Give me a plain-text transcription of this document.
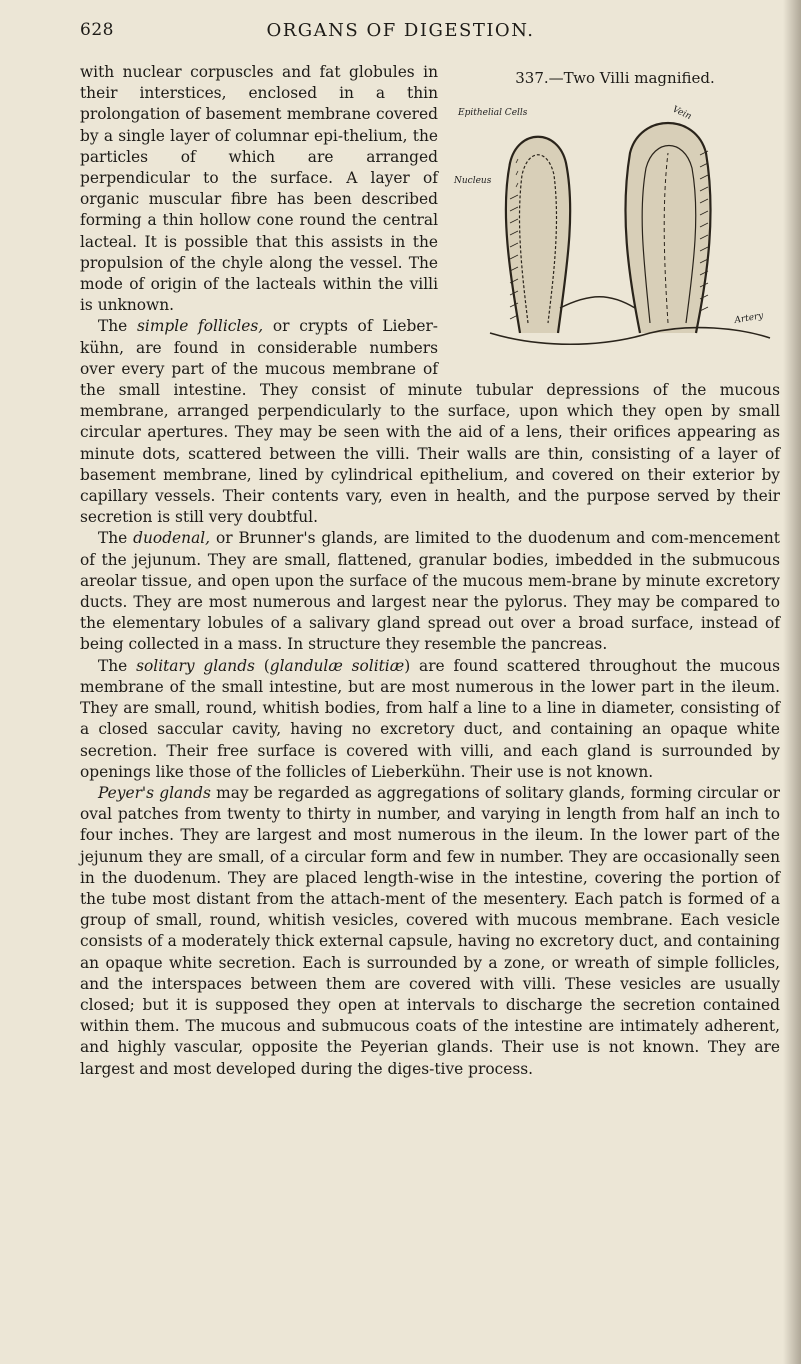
628	ORGANS OF DIGESTION.

337.—Two Villi magnified.
Epithelial Cells
Nucleus
Artery
Vein
with nuclear corpuscles and fat globules in their interstices, enclosed in a thin prolongation of basement membrane covered by a single layer of columnar epi-thelium, the particles of which are arranged perpendicular to the surface. A layer of organic muscular fibre has been described forming a thin hollow cone round the central lacteal. It is possible that this assists in the propulsion of the chyle along the vessel. The mode of origin of the lacteals within the villi is unknown.

The simple follicles, or crypts of Lieber-kühn, are found in considerable numbers over every part of the mucous membrane of the small intestine. They consist of minute tubular depressions of the mucous membrane, arranged perpendicularly to the surface, upon which they open by small circular apertures. They may be seen with the aid of a lens, their orifices appearing as minute dots, scattered between the villi. Their walls are thin, consisting of a layer of basement membrane, lined by cylindrical epithelium, and covered on their exterior by capillary vessels. Their contents vary, even in health, and the purpose served by their secretion is still very doubtful.

The duodenal, or Brunner's glands, are limited to the duodenum and com-mencement of the jejunum. They are small, flattened, granular bodies, imbedded in the submucous areolar tissue, and open upon the surface of the mucous mem-brane by minute excretory ducts. They are most numerous and largest near the pylorus. They may be compared to the elementary lobules of a salivary gland spread out over a broad surface, instead of being collected in a mass. In structure they resemble the pancreas.

The solitary glands (glandulæ solitiæ) are found scattered throughout the mucous membrane of the small intestine, but are most numerous in the lower part in the ileum. They are small, round, whitish bodies, from half a line to a line in diameter, consisting of a closed saccular cavity, having no excretory duct, and containing an opaque white secretion. Their free surface is covered with villi, and each gland is surrounded by openings like those of the follicles of Lieberkühn. Their use is not known.

Peyer's glands may be regarded as aggregations of solitary glands, forming circular or oval patches from twenty to thirty in number, and varying in length from half an inch to four inches. They are largest and most numerous in the ileum. In the lower part of the jejunum they are small, of a circular form and few in number. They are occasionally seen in the duodenum. They are placed length-wise in the intestine, covering the portion of the tube most distant from the attach-ment of the mesentery. Each patch is formed of a group of small, round, whitish vesicles, covered with mucous membrane. Each vesicle consists of a moderately thick external capsule, having no excretory duct, and containing an opaque white secretion. Each is surrounded by a zone, or wreath of simple follicles, and the interspaces between them are covered with villi. These vesicles are usually closed; but it is supposed they open at intervals to discharge the secretion contained within them. The mucous and submucous coats of the intestine are intimately adherent, and highly vascular, opposite the Peyerian glands. Their use is not known. They are largest and most developed during the diges-tive process.
